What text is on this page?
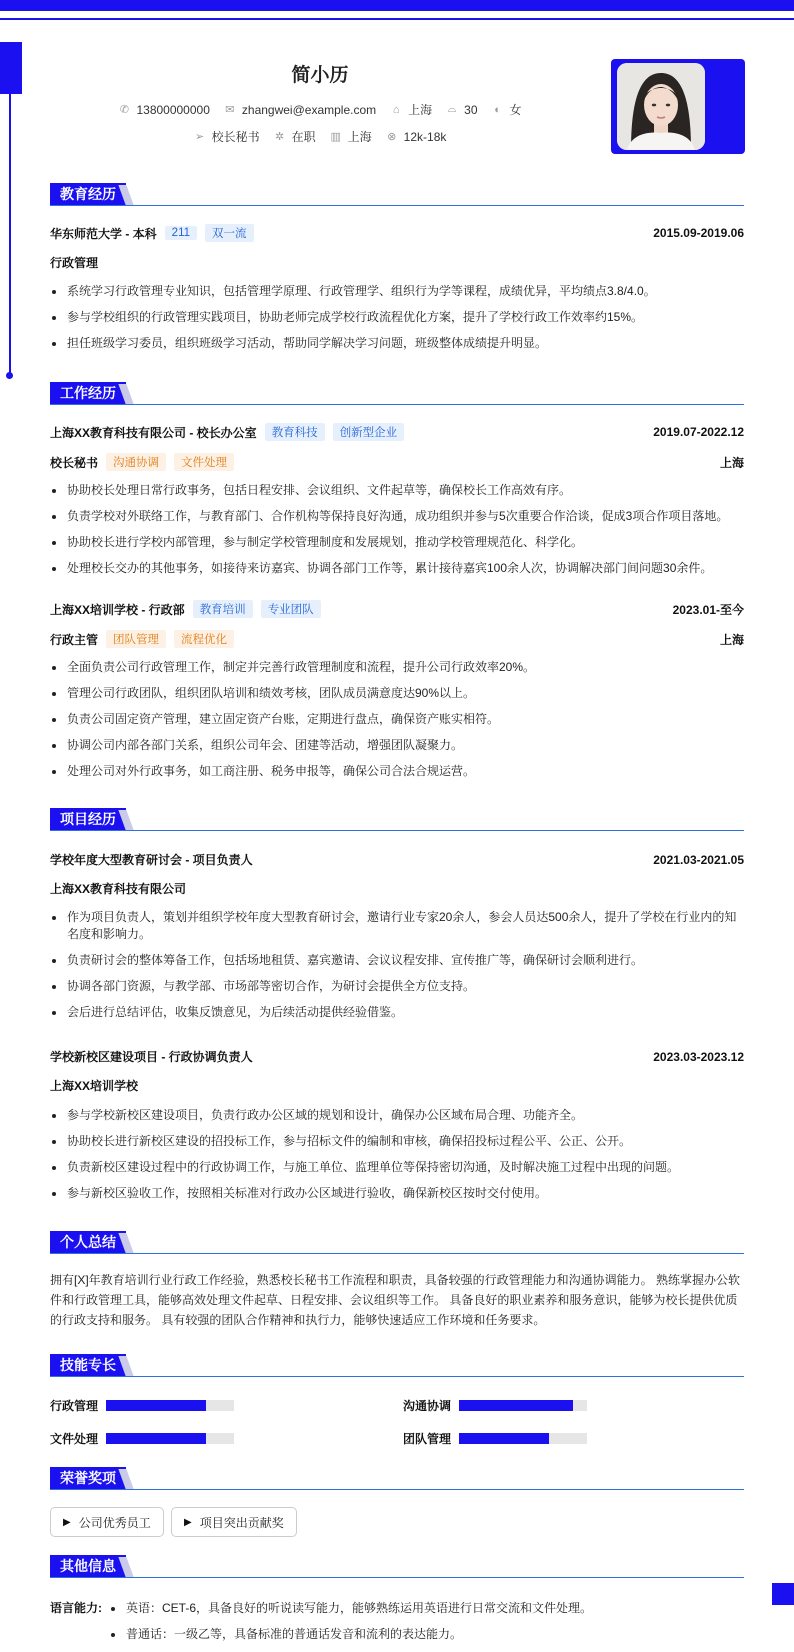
简小历
✆ 13800000000 ✉ zhangwei@example.com ⌂ 上海 ⌓ 30 ◐ 女
➢ 校长秘书 ✲ 在职 ▥ 上海 ⊗ 12k-18k
教育经历
华东师范大学 - 本科	211	双一流	2015.09-2019.06
行政管理
系统学习行政管理专业知识，包括管理学原理、行政管理学、组织行为学等课程，成绩优异，平均绩点3.8/4.0。
参与学校组织的行政管理实践项目，协助老师完成学校行政流程优化方案，提升了学校行政工作效率约15%。
担任班级学习委员，组织班级学习活动，帮助同学解决学习问题，班级整体成绩提升明显。
工作经历
上海XX教育科技有限公司 - 校长办公室	教育科技	创新型企业	2019.07-2022.12
校长秘书	沟通协调	文件处理	上海
协助校长处理日常行政事务，包括日程安排、会议组织、文件起草等，确保校长工作高效有序。
负责学校对外联络工作，与教育部门、合作机构等保持良好沟通，成功组织并参与5次重要合作洽谈，促成3项合作项目落地。
协助校长进行学校内部管理，参与制定学校管理制度和发展规划，推动学校管理规范化、科学化。
处理校长交办的其他事务，如接待来访嘉宾、协调各部门工作等，累计接待嘉宾100余人次，协调解决部门间问题30余件。
上海XX培训学校 - 行政部	教育培训	专业团队	2023.01-至今
行政主管	团队管理	流程优化	上海
全面负责公司行政管理工作，制定并完善行政管理制度和流程，提升公司行政效率20%。
管理公司行政团队，组织团队培训和绩效考核，团队成员满意度达90%以上。
负责公司固定资产管理，建立固定资产台账，定期进行盘点，确保资产账实相符。
协调公司内部各部门关系，组织公司年会、团建等活动，增强团队凝聚力。
处理公司对外行政事务，如工商注册、税务申报等，确保公司合法合规运营。
项目经历
学校年度大型教育研讨会 - 项目负责人	2021.03-2021.05
上海XX教育科技有限公司
作为项目负责人，策划并组织学校年度大型教育研讨会，邀请行业专家20余人，参会人员达500余人，提升了学校在行业内的知名度和影响力。
负责研讨会的整体筹备工作，包括场地租赁、嘉宾邀请、会议议程安排、宣传推广等，确保研讨会顺利进行。
协调各部门资源，与教学部、市场部等密切合作，为研讨会提供全方位支持。
会后进行总结评估，收集反馈意见，为后续活动提供经验借鉴。
学校新校区建设项目 - 行政协调负责人	2023.03-2023.12
上海XX培训学校
参与学校新校区建设项目，负责行政办公区域的规划和设计，确保办公区域布局合理、功能齐全。
协助校长进行新校区建设的招投标工作，参与招标文件的编制和审核，确保招投标过程公平、公正、公开。
负责新校区建设过程中的行政协调工作，与施工单位、监理单位等保持密切沟通，及时解决施工过程中出现的问题。
参与新校区验收工作，按照相关标准对行政办公区域进行验收，确保新校区按时交付使用。
个人总结
拥有[X]年教育培训行业行政工作经验，熟悉校长秘书工作流程和职责，具备较强的行政管理能力和沟通协调能力。 熟练掌握办公软件和行政管理工具，能够高效处理文件起草、日程安排、会议组织等工作。 具备良好的职业素养和服务意识，能够为校长提供优质的行政支持和服务。 具有较强的团队合作精神和执行力，能够快速适应工作环境和任务要求。
技能专长
行政管理	沟通协调
文件处理	团队管理
荣誉奖项
▶ 公司优秀员工	▶ 项目突出贡献奖
其他信息
语言能力:	英语：CET-6，具备良好的听说读写能力，能够熟练运用英语进行日常交流和文件处理。
普通话：一级乙等，具备标准的普通话发音和流利的表达能力。
